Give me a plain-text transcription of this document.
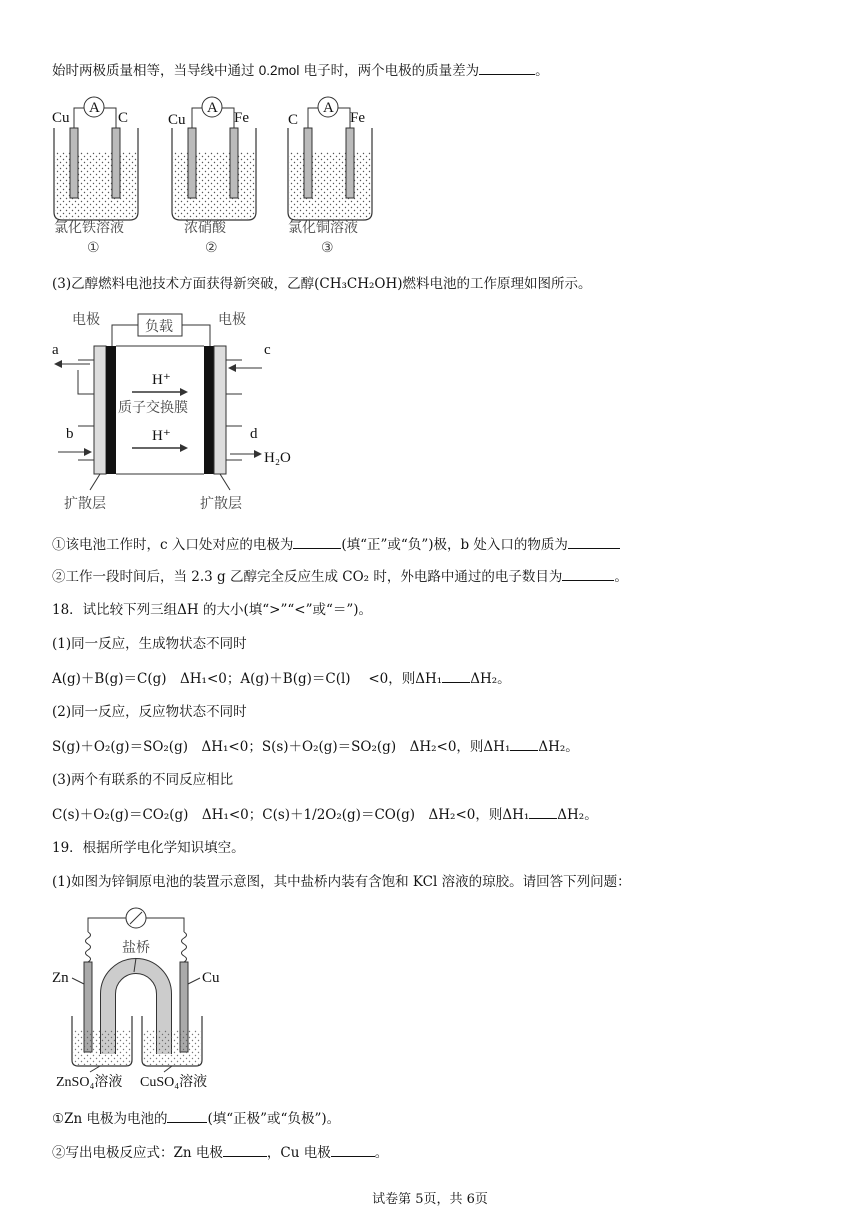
始时两极质量相等，当导线中通过 0.2mol 电子时，两个电极的质量差为	。
A
Cu	C
氯化铁溶液
①
A
Cu	Fe
浓硝酸
②
A
C	Fe
氯化铜溶液
③
(3)乙醇燃料电池技术方面获得新突破，乙醇(CH₃CH₂OH)燃料电池的工作原理如图所示。
电极	电极
负载
a
b
c
d
H₂O
H⁺
质子交换膜
H⁺
扩散层	扩散层
①该电池工作时，c 入口处对应的电极为	(填“正”或“负”)极，b 处入口的物质为
②工作一段时间后，当 2.3 g 乙醇完全反应生成 CO₂ 时，外电路中通过的电子数目为	。
18．试比较下列三组ΔH 的大小(填“>”“<”或“＝”)。
(1)同一反应，生成物状态不同时
A(g)＋B(g)＝C(g)　ΔH₁<0；A(g)＋B(g)＝C(l)　 <0，则ΔH₁ ΔH₂。
(2)同一反应，反应物状态不同时
S(g)＋O₂(g)＝SO₂(g)　ΔH₁<0；S(s)＋O₂(g)＝SO₂(g)　ΔH₂<0，则ΔH₁ ΔH₂。
(3)两个有联系的不同反应相比
C(s)＋O₂(g)＝CO₂(g)　ΔH₁<0；C(s)＋1/2O₂(g)＝CO(g)　ΔH₂<0，则ΔH₁ ΔH₂。
19．根据所学电化学知识填空。
(1)如图为锌铜原电池的装置示意图，其中盐桥内装有含饱和 KCl 溶液的琼胶。请回答下列问题：
盐桥
Zn	Cu
ZnSO₄溶液 CuSO₄溶液
①Zn 电极为电池的	(填“正极”或“负极”)。
②写出电极反应式：Zn 电极	，Cu 电极	。
试卷第 5页，共 6页
